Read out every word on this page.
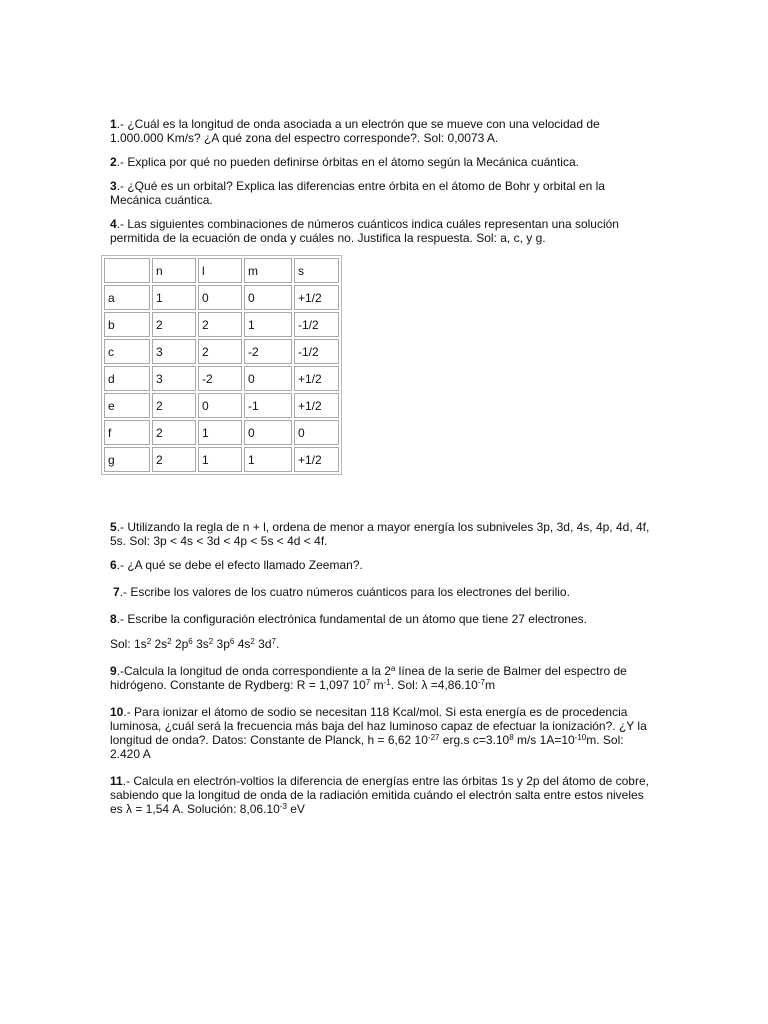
1.- ¿Cuál es la longitud de onda asociada a un electrón que se mueve con una velocidad de 1.000.000 Km/s? ¿A qué zona del espectro corresponde?. Sol: 0,0073 A.

2.- Explica por qué no pueden definirse órbitas en el átomo según la Mecánica cuántica.

3.- ¿Qué es un orbital? Explica las diferencias entre órbita en el átomo de Bohr y orbital en la Mecánica cuántica.

4.- Las siguientes combinaciones de números cuánticos indica cuáles representan una solución permitida de la ecuación de onda y cuáles no. Justifica la respuesta. Sol: a, c, y g.

	n	l	m	s
a	1	0	0	+1/2
b	2	2	1	-1/2
c	3	2	-2	-1/2
d	3	-2	0	+1/2
e	2	0	-1	+1/2
f	2	1	0	0
g	2	1	1	+1/2

5.- Utilizando la regla de n + l, ordena de menor a mayor energía los subniveles 3p, 3d, 4s, 4p, 4d, 4f, 5s. Sol: 3p < 4s < 3d < 4p < 5s < 4d < 4f.

6.- ¿A qué se debe el efecto llamado Zeeman?.

7.- Escribe los valores de los cuatro números cuánticos para los electrones del berilio.

8.- Escribe la configuración electrónica fundamental de un átomo que tiene 27 electrones.

Sol: $1s^2$ $2s^2$ $2p^6$ $3s^2$ $3p^6$ $4s^2$ $3d^7$.

9.-Calcula la longitud de onda correspondiente a la 2$^a$ línea de la serie de Balmer del espectro de hidrógeno. Constante de Rydberg: R = 1,097 $10^7$ $m^{-1}$. Sol: $\lambda =4,86.10^{-7}m$

10.- Para ionizar el átomo de sodio se necesitan 118 Kcal/mol. Si esta energía es de procedencia luminosa, ¿cuál será la frecuencia más baja del haz luminoso capaz de efectuar la ionización?. ¿Y la longitud de onda?. Datos: Constante de Planck, h = 6,62 $10^{-27}$ erg.s $c=3.10^8$ m/s $1A=10^{-10}m$. Sol: 2.420 A

11.- Calcula en electrón-voltios la diferencia de energías entre las órbitas 1s y 2p del átomo de cobre, sabiendo que la longitud de onda de la radiación emitida cuándo el electrón salta entre estos niveles es λ = 1,54 A. Solución: $8,06.10^{-3}$ eV
